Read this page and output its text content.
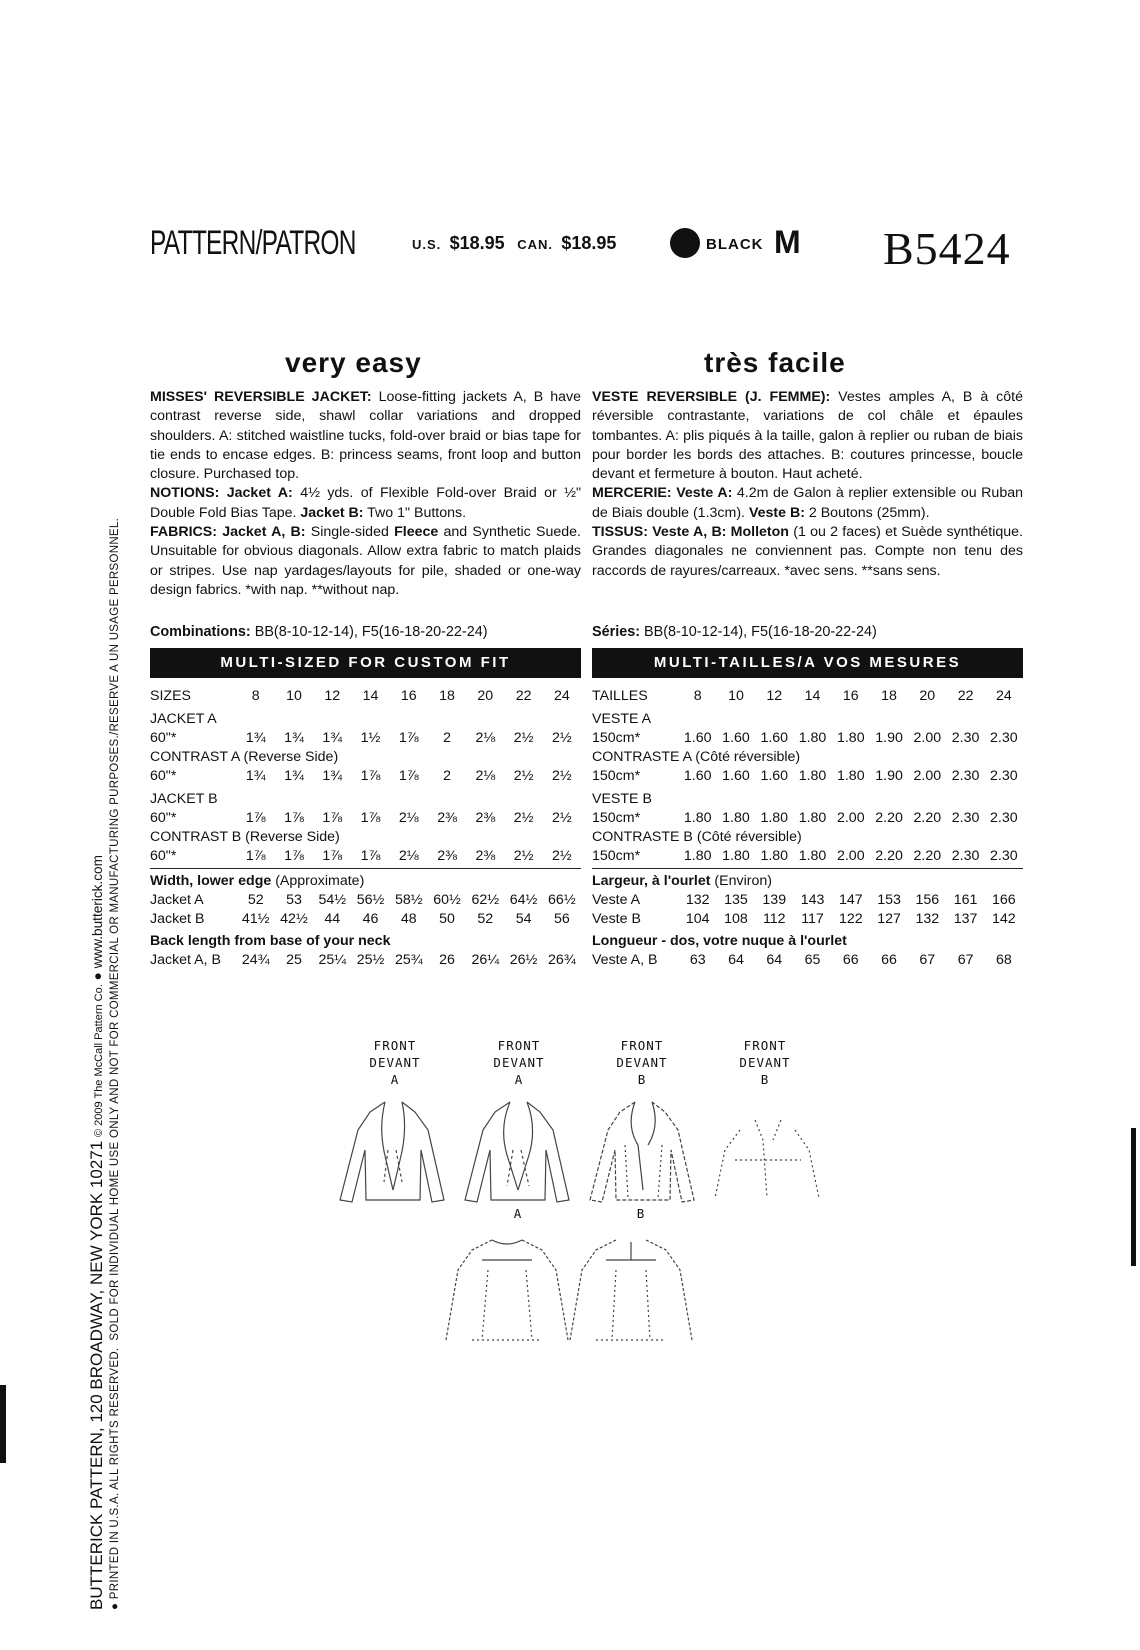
PATTERN/PATRON	U.S. $18.95 CAN. $18.95	BLACK M B5424
very easy	très facile
MISSES' REVERSIBLE JACKET: Loose-fitting jackets A, B have contrast reverse side, shawl collar variations and dropped shoulders. A: stitched waistline tucks, fold-over braid or bias tape for tie ends to encase edges. B: princess seams, front loop and button closure. Purchased top.
NOTIONS: Jacket A: 4½ yds. of Flexible Fold-over Braid or ½" Double Fold Bias Tape. Jacket B: Two 1" Buttons.
FABRICS: Jacket A, B: Single-sided Fleece and Synthetic Suede. Unsuitable for obvious diagonals. Allow extra fabric to match plaids or stripes. Use nap yardages/layouts for pile, shaded or one-way design fabrics. *with nap. **without nap.
Combinations: BB(8-10-12-14), F5(16-18-20-22-24)
MULTI-SIZED FOR CUSTOM FIT
VESTE REVERSIBLE (J. FEMME): Vestes amples A, B à côté réversible contrastante, variations de col châle et épaules tombantes. A: plis piqués à la taille, galon à replier ou ruban de biais pour border les bords des attaches. B: coutures princesse, boucle devant et fermeture à bouton. Haut acheté.
MERCERIE: Veste A: 4.2m de Galon à replier extensible ou Ruban de Biais double (1.3cm). Veste B: 2 Boutons (25mm).
TISSUS: Veste A, B: Molleton (1 ou 2 faces) et Suède synthétique. Grandes diagonales ne conviennent pas. Compte non tenu des raccords de rayures/carreaux. *avec sens. **sans sens.
Séries: BB(8-10-12-14), F5(16-18-20-22-24)
MULTI-TAILLES/A VOS MESURES
SIZES	8	10	12	14	16	18	20	22	24
JACKET A									
60"*	1¾	1¾	1¾	1½	1⅞	2	2⅛	2½	2½
CONTRAST A (Reverse Side)									
60"*	1¾	1¾	1¾	1⅞	1⅞	2	2⅛	2½	2½
JACKET B									
60"*	1⅞	1⅞	1⅞	1⅞	2⅛	2⅜	2⅜	2½	2½
CONTRAST B (Reverse Side)									
60"*	1⅞	1⅞	1⅞	1⅞	2⅛	2⅜	2⅜	2½	2½
Width, lower edge (Approximate)									
Jacket A	52	53	54½	56½	58½	60½	62½	64½	66½
Jacket B	41½	42½	44	46	48	50	52	54	56
Back length from base of your neck									
Jacket A, B	24¾	25	25¼	25½	25¾	26	26¼	26½	26¾
TAILLES	8	10	12	14	16	18	20	22	24
VESTE A									
150cm*	1.60	1.60	1.60	1.80	1.80	1.90	2.00	2.30	2.30
CONTRASTE A (Côté réversible)									
150cm*	1.60	1.60	1.60	1.80	1.80	1.90	2.00	2.30	2.30
VESTE B									
150cm*	1.80	1.80	1.80	1.80	2.00	2.20	2.20	2.30	2.30
CONTRASTE B (Côté réversible)									
150cm*	1.80	1.80	1.80	1.80	2.00	2.20	2.20	2.30	2.30
Largeur, à l'ourlet (Environ)									
Veste A	132	135	139	143	147	153	156	161	166
Veste B	104	108	112	117	122	127	132	137	142
Longueur - dos, votre nuque à l'ourlet									
Veste A, B	63	64	64	65	66	66	67	67	68
FRONT
DEVANT
A
FRONT
DEVANT
A
FRONT
DEVANT
B
FRONT
DEVANT
B
A	B
BUTTERICK PATTERN, 120 BROADWAY, NEW YORK 10271 © 2009 The McCall Pattern Co. ● www.butterick.com
● PRINTED IN U.S.A. ALL RIGHTS RESERVED.  SOLD FOR INDIVIDUAL HOME USE ONLY AND NOT FOR COMMERCIAL OR MANUFACTURING PURPOSES./RESERVE A UN USAGE PERSONNEL.
